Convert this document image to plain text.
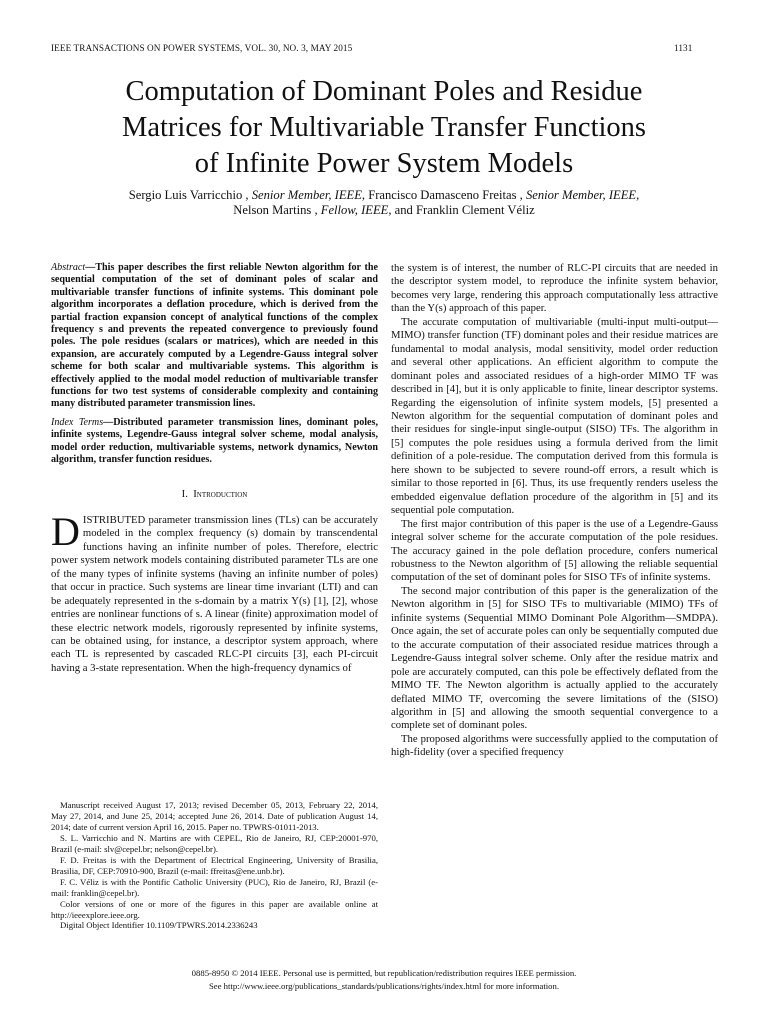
IEEE TRANSACTIONS ON POWER SYSTEMS, VOL. 30, NO. 3, MAY 2015	1131
Computation of Dominant Poles and Residue
Matrices for Multivariable Transfer Functions
of Infinite Power System Models
Sergio Luis Varricchio , Senior Member, IEEE, Francisco Damasceno Freitas , Senior Member, IEEE,
Nelson Martins , Fellow, IEEE, and Franklin Clement Véliz
Abstract—This paper describes the first reliable Newton algorithm for the sequential computation of the set of dominant poles of scalar and multivariable transfer functions of infinite systems. This dominant pole algorithm incorporates a deflation procedure, which is derived from the partial fraction expansion concept of analytical functions of the complex frequency s and prevents the repeated convergence to previously found poles. The pole residues (scalars or matrices), which are needed in this expansion, are accurately computed by a Legendre-Gauss integral solver scheme for both scalar and multivariable systems. This algorithm is effectively applied to the modal model reduction of multivariable transfer functions for two test systems of considerable complexity and containing many distributed parameter transmission lines.
Index Terms—Distributed parameter transmission lines, dominant poles, infinite systems, Legendre-Gauss integral solver scheme, modal analysis, model order reduction, multivariable systems, network dynamics, Newton algorithm, transfer function residues.
I. Introduction
DISTRIBUTED parameter transmission lines (TLs) can be accurately modeled in the complex frequency (s) domain by transcendental functions having an infinite number of poles. Therefore, electric power system network models containing distributed parameter TLs are one of the many types of infinite systems (having an infinite number of poles) that occur in practice. Such systems are linear time invariant (LTI) and can be adequately represented in the s-domain by a matrix Y(s) [1], [2], whose entries are nonlinear functions of s. A linear (finite) approximation model of these electric network models, rigorously represented by infinite systems, can be obtained using, for instance, a descriptor system approach, where each TL is represented by cascaded RLC-PI circuits [3], each PI-circuit having a 3-state representation. When the high-frequency dynamics of
Manuscript received August 17, 2013; revised December 05, 2013, February 22, 2014, May 27, 2014, and June 25, 2014; accepted June 26, 2014. Date of publication August 14, 2014; date of current version April 16, 2015. Paper no. TPWRS-01011-2013.
S. L. Varricchio and N. Martins are with CEPEL, Rio de Janeiro, RJ, CEP:20001-970, Brazil (e-mail: slv@cepel.br; nelson@cepel.br).
F. D. Freitas is with the Department of Electrical Engineering, University of Brasilia, Brasilia, DF, CEP:70910-900, Brazil (e-mail: ffreitas@ene.unb.br).
F. C. Véliz is with the Pontific Catholic University (PUC), Rio de Janeiro, RJ, Brazil (e-mail: franklin@cepel.br).
Color versions of one or more of the figures in this paper are available online at http://ieeexplore.ieee.org.
Digital Object Identifier 10.1109/TPWRS.2014.2336243
the system is of interest, the number of RLC-PI circuits that are needed in the descriptor system model, to reproduce the infinite system behavior, becomes very large, rendering this approach computationally less attractive than the Y(s) approach of this paper.
The accurate computation of multivariable (multi-input multi-output—MIMO) transfer function (TF) dominant poles and their residue matrices are fundamental to modal analysis, modal sensitivity, model order reduction and several other applications. An efficient algorithm to compute the dominant poles and associated residues of a high-order MIMO TF was described in [4], but it is only applicable to finite, linear descriptor systems. Regarding the eigensolution of infinite system models, [5] presented a Newton algorithm for the sequential computation of dominant poles and their residues for single-input single-output (SISO) TFs. The algorithm in [5] computes the pole residues using a formula derived from the limit definition of a pole-residue. The computation derived from this formula is here shown to be subjected to severe round-off errors, a result which is similar to those reported in [6]. Thus, its use frequently renders useless the embedded eigenvalue deflation procedure of the algorithm in [5] and its sequential pole computation.
The first major contribution of this paper is the use of a Legendre-Gauss integral solver scheme for the accurate computation of the pole residues. The accuracy gained in the pole deflation procedure, confers numerical robustness to the Newton algorithm of [5] allowing the reliable sequential computation of the set of dominant poles for SISO TFs of infinite systems.
The second major contribution of this paper is the generalization of the Newton algorithm in [5] for SISO TFs to multivariable (MIMO) TFs of infinite systems (Sequential MIMO Dominant Pole Algorithm—SMDPA). Once again, the set of accurate poles can only be sequentially computed due to the accurate computation of their associated residue matrices through a Legendre-Gauss integral solver scheme. Only after the residue matrix and pole are accurately computed, can this pole be effectively deflated from the MIMO TF. The Newton algorithm is actually applied to the accurately deflated MIMO TF, overcoming the severe limitations of the (SISO) algorithm in [5] and allowing the smooth sequential convergence to a complete set of dominant poles.
The proposed algorithms were successfully applied to the computation of high-fidelity (over a specified frequency
0885-8950 © 2014 IEEE. Personal use is permitted, but republication/redistribution requires IEEE permission.
See http://www.ieee.org/publications_standards/publications/rights/index.html for more information.
